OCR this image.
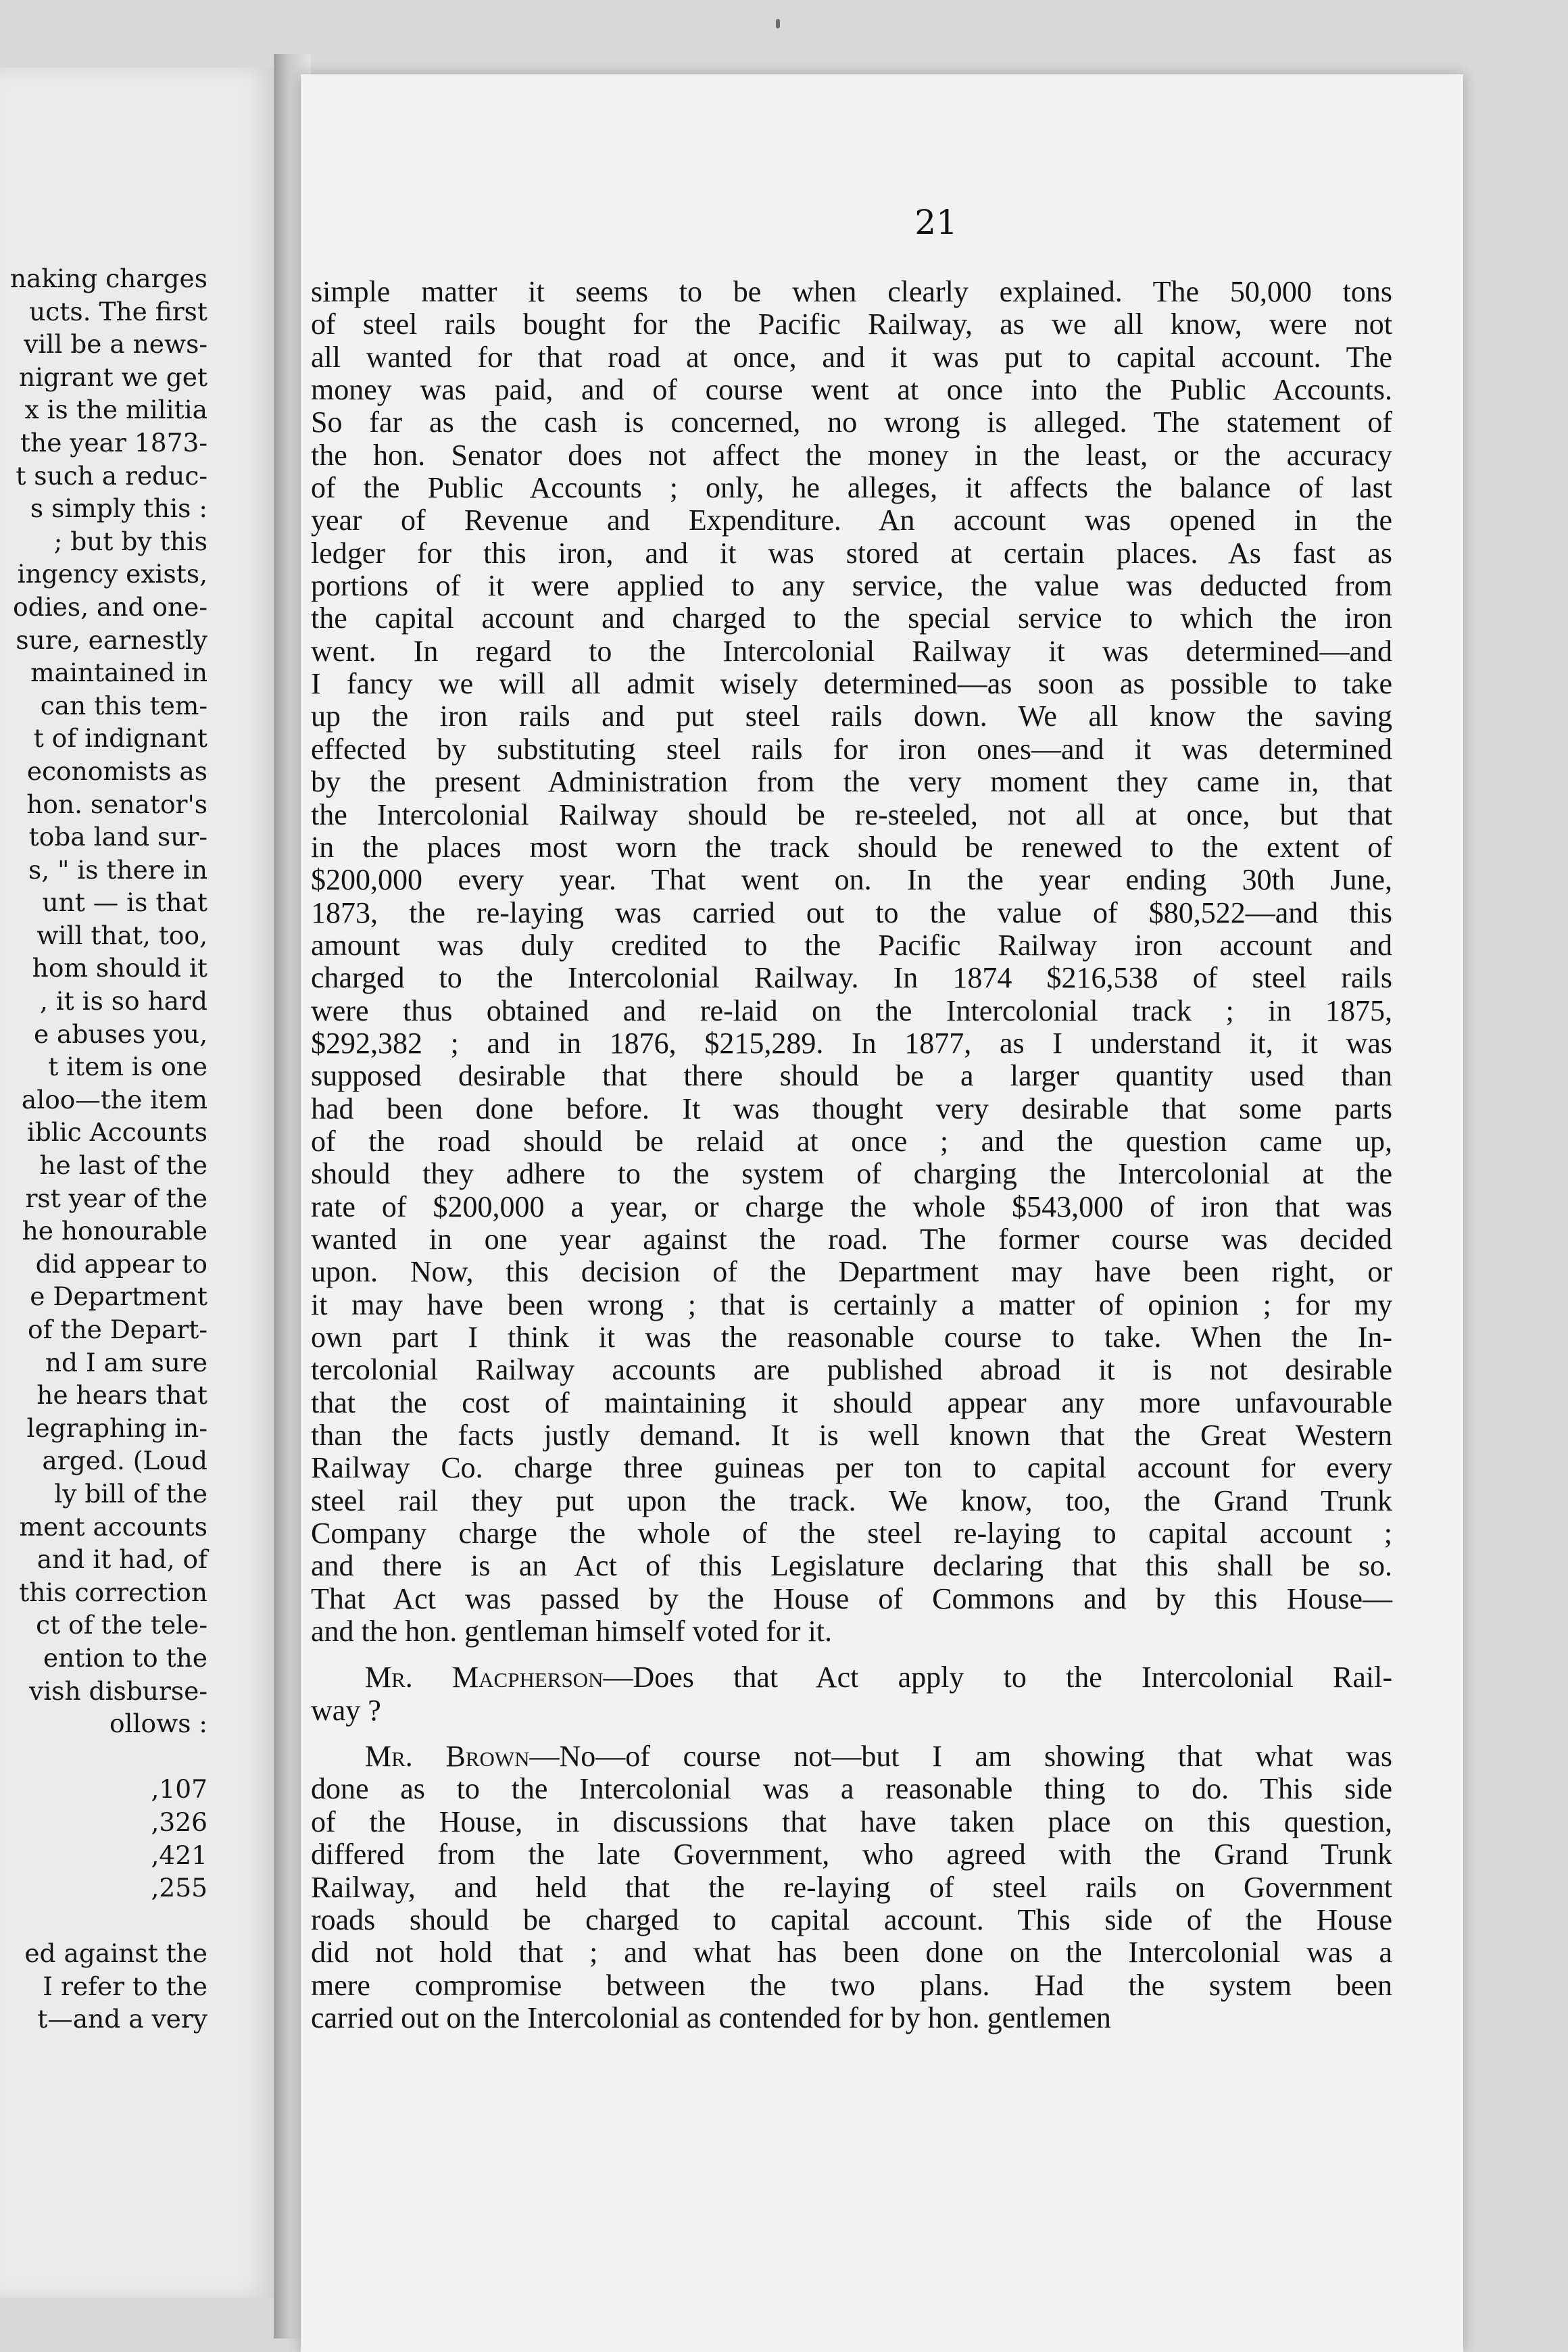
naking charges
ucts. The first
vill be a news-
nigrant we get
x is the militia
the year 1873-
t such a reduc-
s simply this :
; but by this
ingency exists,
odies, and one-
sure, earnestly
maintained in
can this tem-
t of indignant
economists as
hon. senator's
toba land sur-
s, " is there in
unt — is that
will that, too,
hom should it
, it is so hard
e abuses you,
t item is one
aloo—the item
iblic Accounts
he last of the
rst year of the
he honourable
did appear to
e Department
of the Depart-
nd I am sure
he hears that
legraphing in-
arged. (Loud
ly bill of the
ment accounts
and it had, of
this correction
ct of the tele-
ention to the
vish disburse-
ollows :
,107
,326
,421
,255
ed against the
I refer to the
t—and a very
21
simple matter it seems to be when clearly explained. The 50,000 tons
of steel rails bought for the Pacific Railway, as we all know, were not
all wanted for that road at once, and it was put to capital account. The
money was paid, and of course went at once into the Public Accounts.
So far as the cash is concerned, no wrong is alleged. The statement of
the hon. Senator does not affect the money in the least, or the accuracy
of the Public Accounts ; only, he alleges, it affects the balance of last
year of Revenue and Expenditure. An account was opened in the
ledger for this iron, and it was stored at certain places. As fast as
portions of it were applied to any service, the value was deducted from
the capital account and charged to the special service to which the iron
went. In regard to the Intercolonial Railway it was determined—and
I fancy we will all admit wisely determined—as soon as possible to take
up the iron rails and put steel rails down. We all know the saving
effected by substituting steel rails for iron ones—and it was determined
by the present Administration from the very moment they came in, that
the Intercolonial Railway should be re-steeled, not all at once, but that
in the places most worn the track should be renewed to the extent of
$200,000 every year. That went on. In the year ending 30th June,
1873, the re-laying was carried out to the value of $80,522—and this
amount was duly credited to the Pacific Railway iron account and
charged to the Intercolonial Railway. In 1874 $216,538 of steel rails
were thus obtained and re-laid on the Intercolonial track ; in 1875,
$292,382 ; and in 1876, $215,289. In 1877, as I understand it, it was
supposed desirable that there should be a larger quantity used than
had been done before. It was thought very desirable that some parts
of the road should be relaid at once ; and the question came up,
should they adhere to the system of charging the Intercolonial at the
rate of $200,000 a year, or charge the whole $543,000 of iron that was
wanted in one year against the road. The former course was decided
upon. Now, this decision of the Department may have been right, or
it may have been wrong ; that is certainly a matter of opinion ; for my
own part I think it was the reasonable course to take. When the In-
tercolonial Railway accounts are published abroad it is not desirable
that the cost of maintaining it should appear any more unfavourable
than the facts justly demand. It is well known that the Great Western
Railway Co. charge three guineas per ton to capital account for every
steel rail they put upon the track. We know, too, the Grand Trunk
Company charge the whole of the steel re-laying to capital account ;
and there is an Act of this Legislature declaring that this shall be so.
That Act was passed by the House of Commons and by this House—
and the hon. gentleman himself voted for it.
Mr. Macpherson—Does that Act apply to the Intercolonial Rail-
way ?
Mr. Brown—No—of course not—but I am showing that what was
done as to the Intercolonial was a reasonable thing to do. This side
of the House, in discussions that have taken place on this question,
differed from the late Government, who agreed with the Grand Trunk
Railway, and held that the re-laying of steel rails on Government
roads should be charged to capital account. This side of the House
did not hold that ; and what has been done on the Intercolonial was a
mere compromise between the two plans. Had the system been
carried out on the Intercolonial as contended for by hon. gentlemen
